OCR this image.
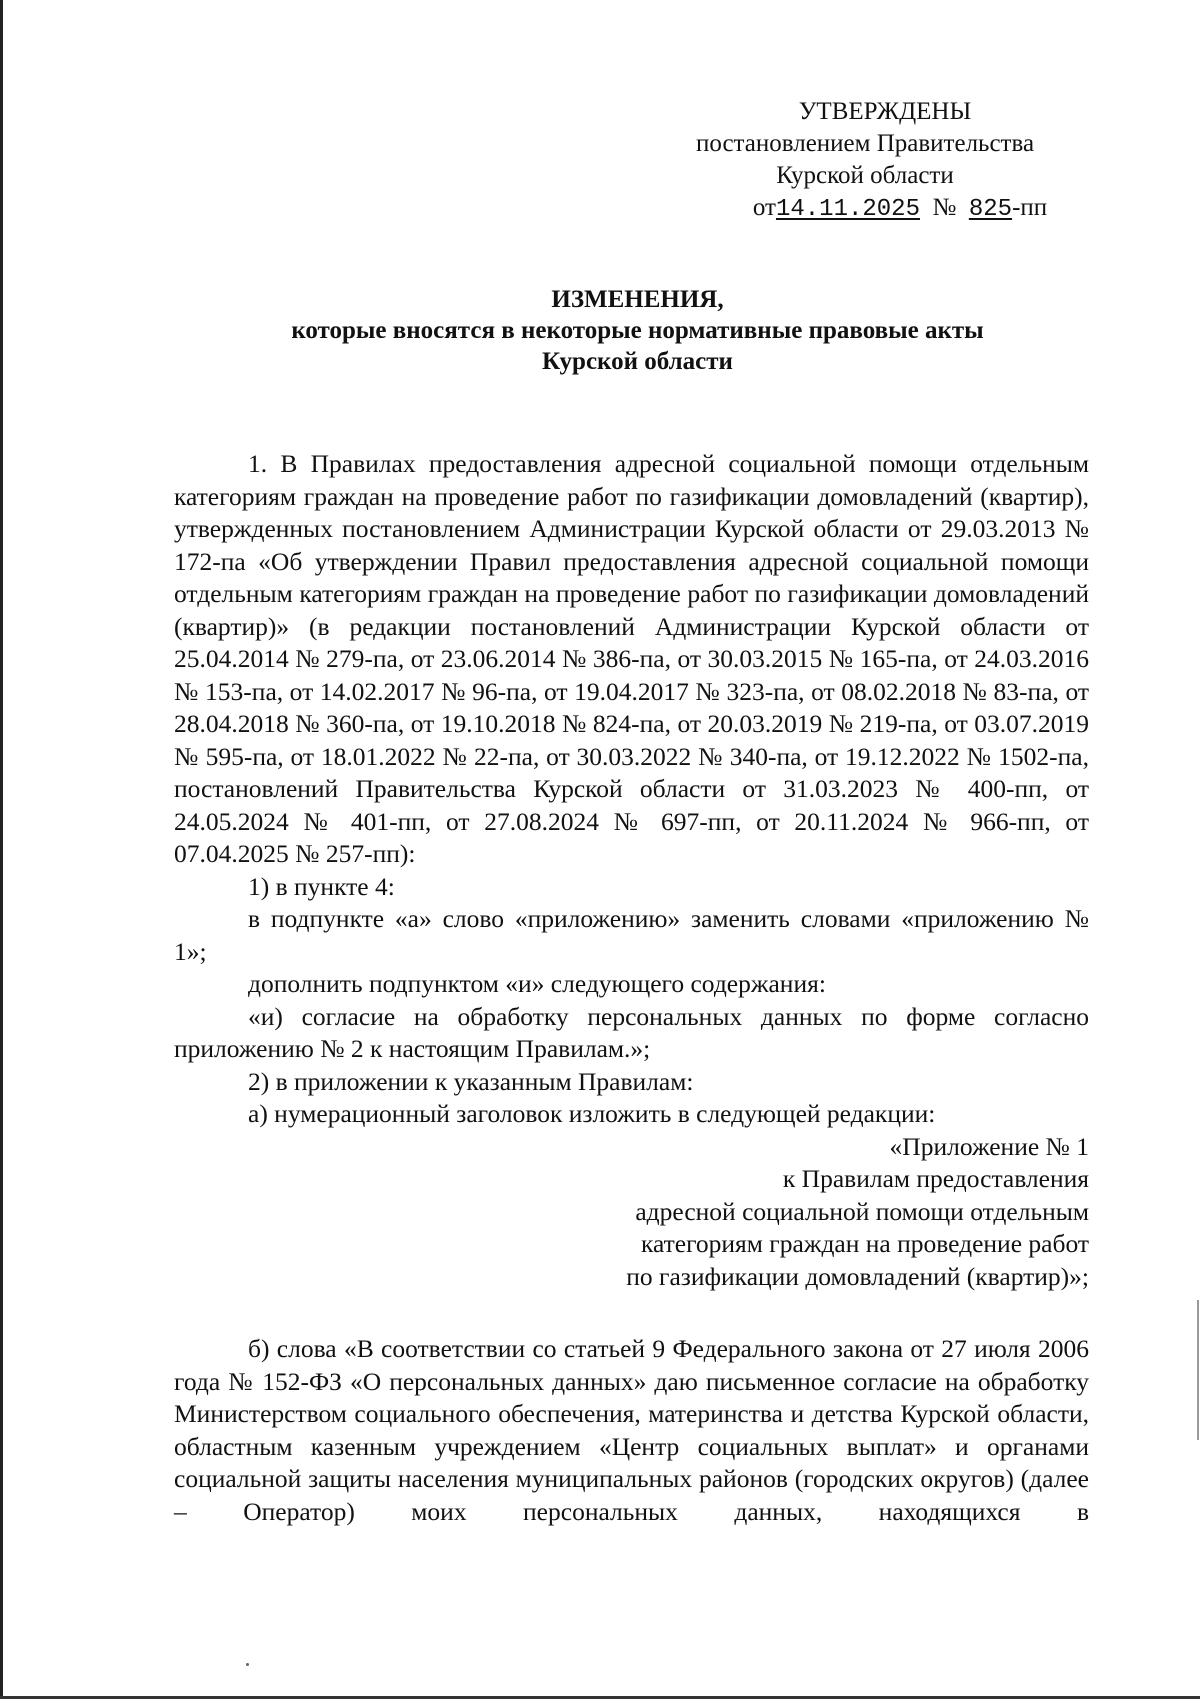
УТВЕРЖДЕНЫ
постановлением Правительства
Курской области
от14.11.2025 № 825-пп
ИЗМЕНЕНИЯ,
которые вносятся в некоторые нормативные правовые акты
Курской области

1. В Правилах предоставления адресной социальной помощи отдельным категориям граждан на проведение работ по газификации домовладений (квартир), утвержденных постановлением Администрации Курской области от 29.03.2013 № 172-па «Об утверждении Правил предоставления адресной социальной помощи отдельным категориям граждан на проведение работ по газификации домовладений (квартир)» (в редакции постановлений Администрации Курской области от 25.04.2014 № 279-па, от 23.06.2014 № 386-па, от 30.03.2015 № 165-па, от 24.03.2016 № 153-па, от 14.02.2017 № 96-па, от 19.04.2017 № 323-па, от 08.02.2018 № 83-па, от 28.04.2018 № 360-па, от 19.10.2018 № 824-па, от 20.03.2019 № 219-па, от 03.07.2019 № 595-па, от 18.01.2022 № 22-па, от 30.03.2022 № 340-па, от 19.12.2022 № 1502-па, постановлений Правительства Курской области от 31.03.2023 № 400-пп, от 24.05.2024 № 401-пп, от 27.08.2024 № 697-пп, от 20.11.2024 № 966-пп, от 07.04.2025 № 257-пп):

1) в пункте 4:

в подпункте «а» слово «приложению» заменить словами «приложению № 1»;

дополнить подпунктом «и» следующего содержания:

«и) согласие на обработку персональных данных по форме согласно приложению № 2 к настоящим Правилам.»;

2) в приложении к указанным Правилам:

а) нумерационный заголовок изложить в следующей редакции:

«Приложение № 1
к Правилам предоставления
адресной социальной помощи отдельным
категориям граждан на проведение работ
по газификации домовладений (квартир)»;

б) слова «В соответствии со статьей 9 Федерального закона от 27 июля 2006 года № 152-ФЗ «О персональных данных» даю письменное согласие на обработку Министерством социального обеспечения, материнства и детства Курской области, областным казенным учреждением «Центр социальных выплат» и органами социальной защиты населения муниципальных районов (городских округов) (далее – Оператор) моих персональных данных, находящихся в
